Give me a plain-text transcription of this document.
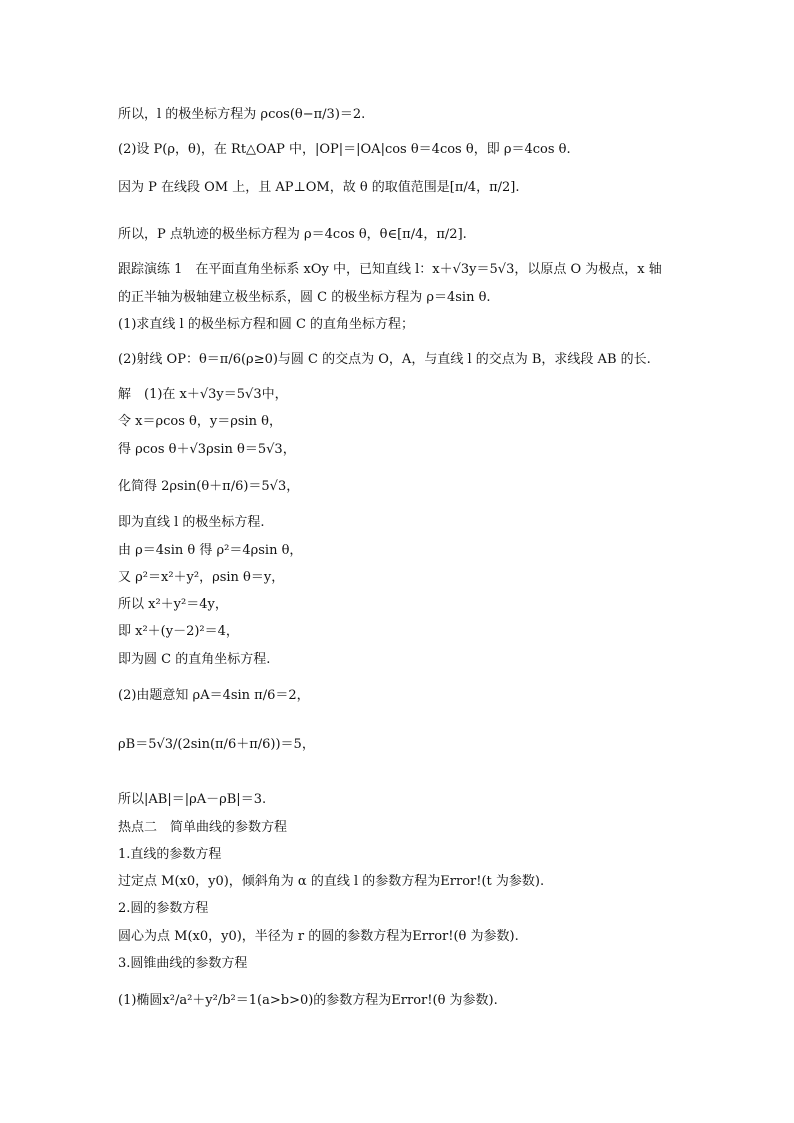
所以，l 的极坐标方程为 ρcos(θ−π/3)＝2.
(2)设 P(ρ，θ)，在 Rt△OAP 中，|OP|＝|OA|cos θ＝4cos θ，即 ρ＝4cos θ.
因为 P 在线段 OM 上，且 AP⊥OM，故 θ 的取值范围是[π/4，π/2].
所以，P 点轨迹的极坐标方程为 ρ＝4cos θ，θ∈[π/4，π/2].
跟踪演练 1　在平面直角坐标系 xOy 中，已知直线 l：x＋√3y＝5√3，以原点 O 为极点，x 轴
的正半轴为极轴建立极坐标系，圆 C 的极坐标方程为 ρ＝4sin θ.
(1)求直线 l 的极坐标方程和圆 C 的直角坐标方程；
(2)射线 OP：θ＝π/6(ρ≥0)与圆 C 的交点为 O，A，与直线 l 的交点为 B，求线段 AB 的长.
解　(1)在 x＋√3y＝5√3中，
令 x＝ρcos θ，y＝ρsin θ，
得 ρcos θ＋√3ρsin θ＝5√3，
化简得 2ρsin(θ＋π/6)＝5√3，
即为直线 l 的极坐标方程.
由 ρ＝4sin θ 得 ρ²＝4ρsin θ，
又 ρ²＝x²＋y²，ρsin θ＝y，
所以 x²＋y²＝4y，
即 x²＋(y－2)²＝4，
即为圆 C 的直角坐标方程.
(2)由题意知 ρA＝4sin π/6＝2，
ρB＝5√3/(2sin(π/6＋π/6))＝5，
所以|AB|＝|ρA－ρB|＝3.
热点二　简单曲线的参数方程
1.直线的参数方程
过定点 M(x0，y0)，倾斜角为 α 的直线 l 的参数方程为Error!(t 为参数).
2.圆的参数方程
圆心为点 M(x0，y0)，半径为 r 的圆的参数方程为Error!(θ 为参数).
3.圆锥曲线的参数方程
(1)椭圆x²/a²＋y²/b²＝1(a>b>0)的参数方程为Error!(θ 为参数).
